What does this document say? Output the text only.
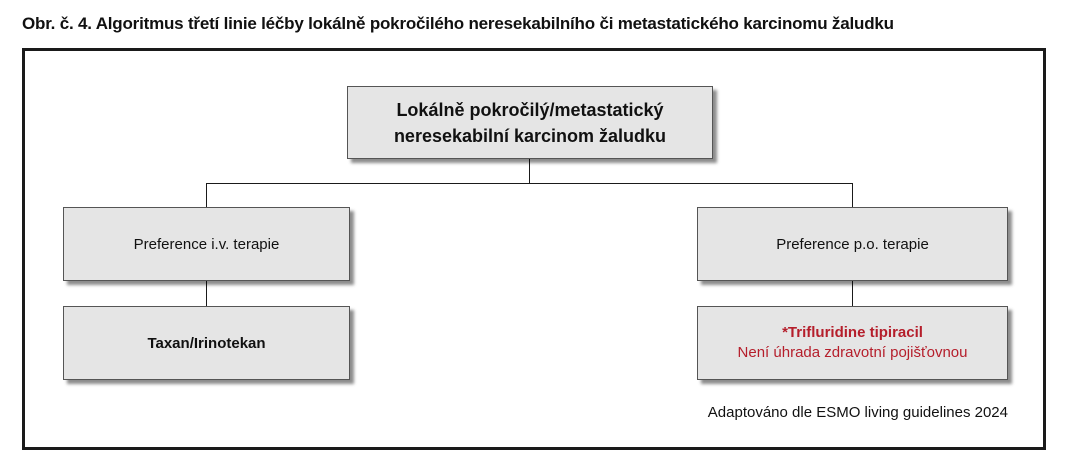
Obr. č. 4. Algoritmus třetí linie léčby lokálně pokročilého neresekabilního či metastatického karcinomu žaludku
Lokálně pokročilý/metastatický
neresekabilní karcinom žaludku
Preference i.v. terapie	Preference p.o. terapie
Taxan/Irinotekan
*Trifluridine tipiracil
Není úhrada zdravotní pojišťovnou
Adaptováno dle ESMO living guidelines 2024
